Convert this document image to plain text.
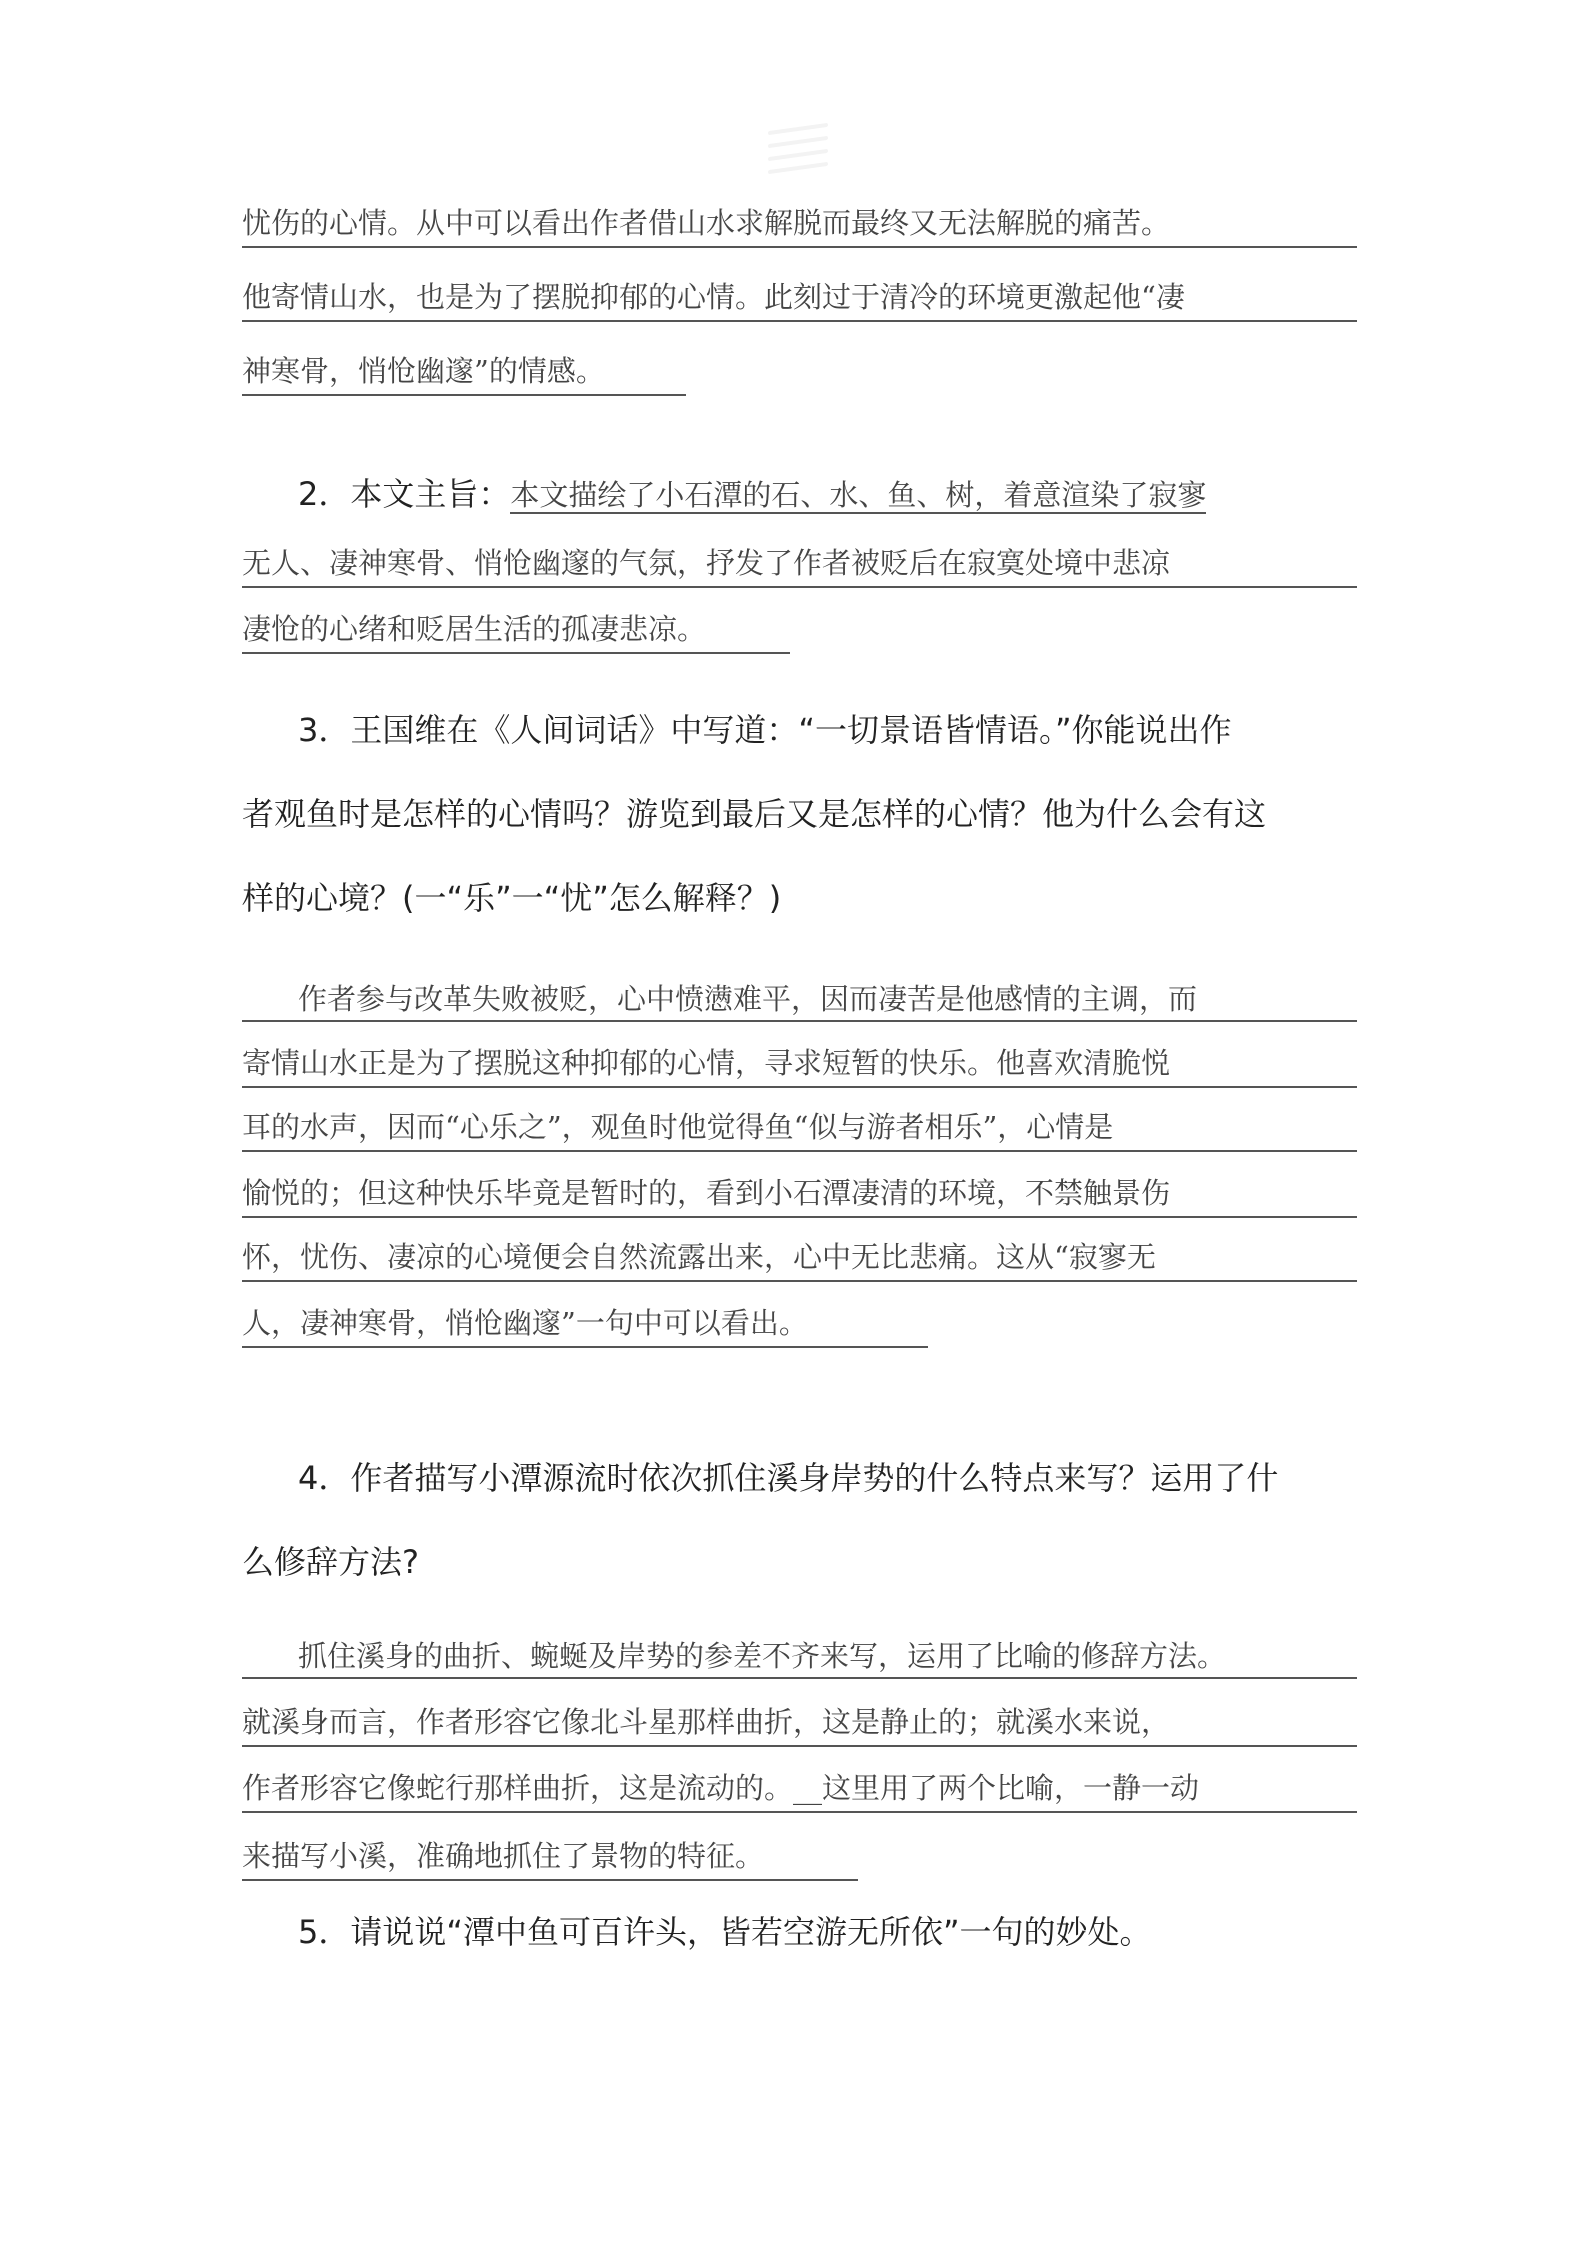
忧伤的心情。从中可以看出作者借山水求解脱而最终又无法解脱的痛苦。
他寄情山水，也是为了摆脱抑郁的心情。此刻过于清冷的环境更激起他“凄
神寒骨，悄怆幽邃”的情感。
2．本文主旨：本文描绘了小石潭的石、水、鱼、树，着意渲染了寂寥
无人、凄神寒骨、悄怆幽邃的气氛，抒发了作者被贬后在寂寞处境中悲凉
凄怆的心绪和贬居生活的孤凄悲凉。
3．王国维在《人间词话》中写道：“一切景语皆情语。”你能说出作
者观鱼时是怎样的心情吗？游览到最后又是怎样的心情？他为什么会有这
样的心境？(一“乐”一“忧”怎么解释？)
作者参与改革失败被贬，心中愤懑难平，因而凄苦是他感情的主调，而
寄情山水正是为了摆脱这种抑郁的心情，寻求短暂的快乐。他喜欢清脆悦
耳的水声，因而“心乐之”，观鱼时他觉得鱼“似与游者相乐”，心情是
愉悦的；但这种快乐毕竟是暂时的，看到小石潭凄清的环境，不禁触景伤
怀，忧伤、凄凉的心境便会自然流露出来，心中无比悲痛。这从“寂寥无
人，凄神寒骨，悄怆幽邃”一句中可以看出。
4．作者描写小潭源流时依次抓住溪身岸势的什么特点来写？运用了什
么修辞方法?
抓住溪身的曲折、蜿蜒及岸势的参差不齐来写，运用了比喻的修辞方法。
就溪身而言，作者形容它像北斗星那样曲折，这是静止的；就溪水来说，
作者形容它像蛇行那样曲折，这是流动的。__这里用了两个比喻，一静一动
来描写小溪，准确地抓住了景物的特征。
5．请说说“潭中鱼可百许头，皆若空游无所依”一句的妙处。
